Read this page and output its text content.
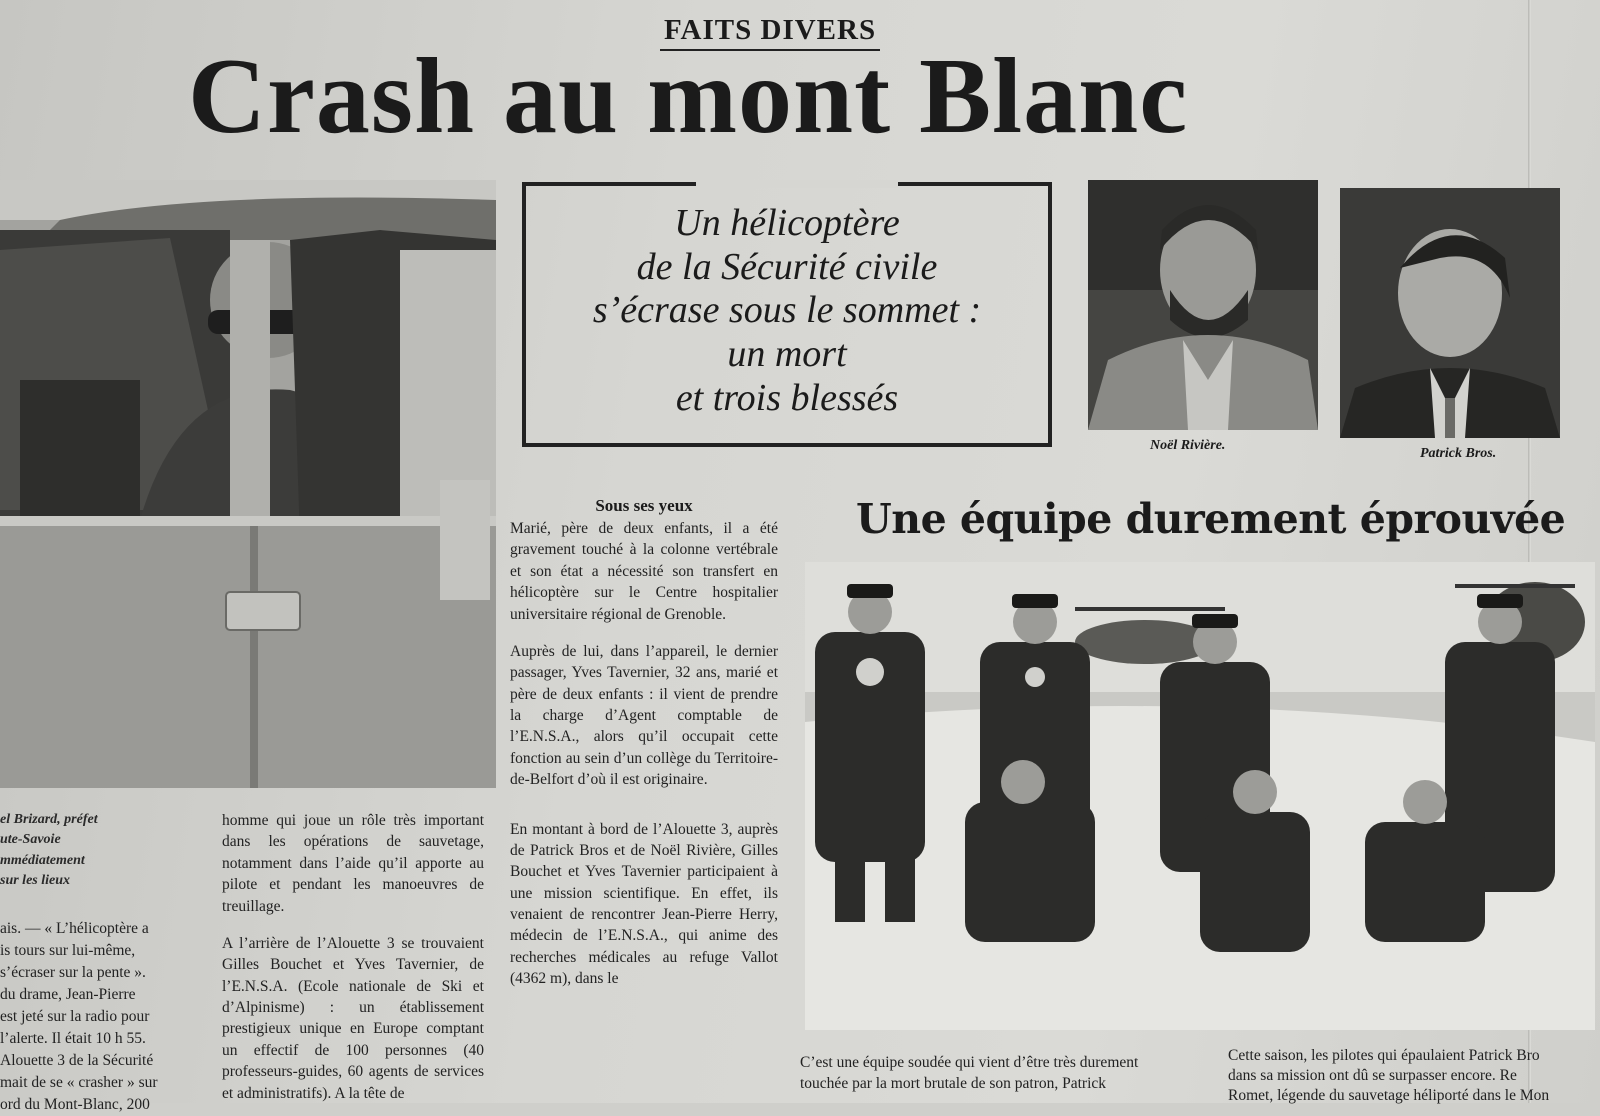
FAITS DIVERS
Crash au mont Blanc
el Brizard, préfet
ute-Savoie
mmédiatement
sur les lieux
ais. — « L’hélicoptère a
is tours sur lui-même,
s’écraser sur la pente ».
du drame, Jean-Pierre
est jeté sur la radio pour
l’alerte. Il était 10 h 55.
Alouette 3 de la Sécurité
mait de se « crasher » sur
ord du Mont-Blanc, 200

homme qui joue un rôle très important dans les opérations de sauvetage, notamment dans l’aide qu’il apporte au pilote et pendant les manoeuvres de treuillage.

A l’arrière de l’Alouette 3 se trouvaient Gilles Bouchet et Yves Tavernier, de l’E.N.S.A. (Ecole nationale de Ski et d’Alpinisme) : un établissement prestigieux unique en Europe comptant un effectif de 100 personnes (40 professeurs-guides, 60 agents de services et administratifs). A la tête de

Un hélicoptère
de la Sécurité civile
s’écrase sous le sommet :
un mort
et trois blessés
Noël Rivière.
Patrick Bros.
Sous ses yeux

Marié, père de deux enfants, il a été gravement touché à la colonne vertébrale et son état a nécessité son transfert en hélicoptère sur le Centre hospitalier universitaire régional de Grenoble.

Auprès de lui, dans l’appareil, le dernier passager, Yves Tavernier, 32 ans, marié et père de deux enfants : il vient de prendre la charge d’Agent comptable de l’E.N.S.A., alors qu’il occupait cette fonction au sein d’un collège du Territoire-de-Belfort d’où il est originaire.

En montant à bord de l’Alouette 3, auprès de Patrick Bros et de Noël Rivière, Gilles Bouchet et Yves Tavernier participaient à une mission scientifique. En effet, ils venaient de rencontrer Jean-Pierre Herry, médecin de l’E.N.S.A., qui anime des recherches médicales au refuge Vallot (4362 m), dans le

Une équipe durement éprouvée
C’est une équipe soudée qui vient d’être très durement
touchée par la mort brutale de son patron, Patrick
Cette saison, les pilotes qui épaulaient Patrick Bro
dans sa mission ont dû se surpasser encore. Re
Romet, légende du sauvetage héliporté dans le Mon
